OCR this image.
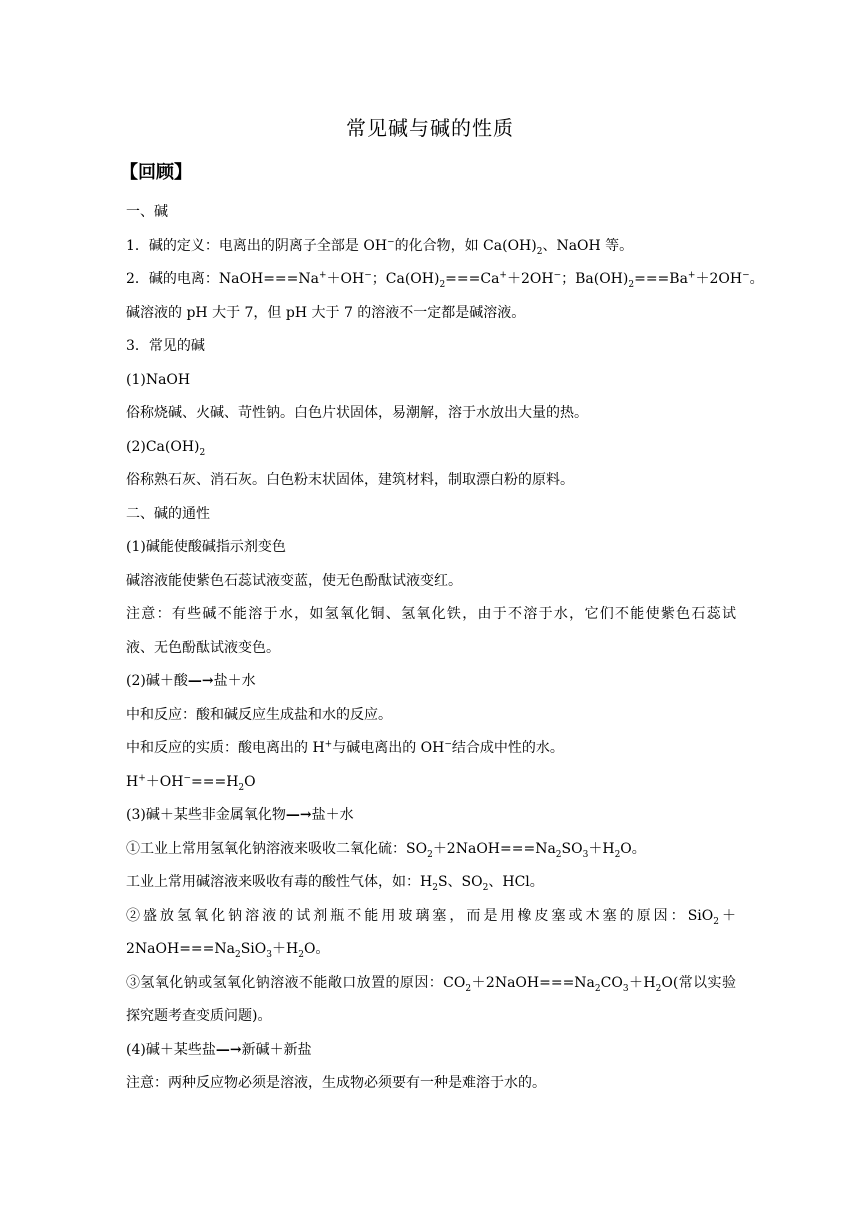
常见碱与碱的性质
【回顾】
一、碱
1．碱的定义：电离出的阴离子全部是 OH−的化合物，如 $Ca(OH)_2$、NaOH 等。
2．碱的电离：NaOH===Na+＋OH−；$Ca(OH)_2===Ca^++2OH^-$；$Ba(OH)_2===Ba^++2OH^-$。
碱溶液的 pH 大于 7，但 pH 大于 7 的溶液不一定都是碱溶液。
3．常见的碱
(1)NaOH
俗称烧碱、火碱、苛性钠。白色片状固体，易潮解，溶于水放出大量的热。
$(2)Ca(OH)_2$
俗称熟石灰、消石灰。白色粉末状固体，建筑材料，制取漂白粉的原料。
二、碱的通性
(1)碱能使酸碱指示剂变色
碱溶液能使紫色石蕊试液变蓝，使无色酚酞试液变红。
注意：有些碱不能溶于水，如氢氧化铜、氢氧化铁，由于不溶于水，它们不能使紫色石蕊试
液、无色酚酞试液变色。
(2)碱＋酸—→盐＋水
中和反应：酸和碱反应生成盐和水的反应。
中和反应的实质：酸电离出的 H+与碱电离出的 OH−结合成中性的水。
$H^++OH^-===H_2O$
(3)碱＋某些非金属氧化物—→盐＋水
①工业上常用氢氧化钠溶液来吸收二氧化硫：$SO_2+2NaOH===Na_2SO_3+H_2O$。
工业上常用碱溶液来吸收有毒的酸性气体，如：$H_2S$、$SO_2$、HCl。
②盛放氢氧化钠溶液的试剂瓶不能用玻璃塞，而是用橡皮塞或木塞的原因：SiO$_2$＋
$2NaOH===Na_2SiO_3+H_2O$。
③氢氧化钠或氢氧化钠溶液不能敞口放置的原因：$CO_2+2NaOH===Na_2CO_3+H_2O$(常以实验
探究题考查变质问题)。
(4)碱＋某些盐—→新碱＋新盐
注意：两种反应物必须是溶液，生成物必须要有一种是难溶于水的。
